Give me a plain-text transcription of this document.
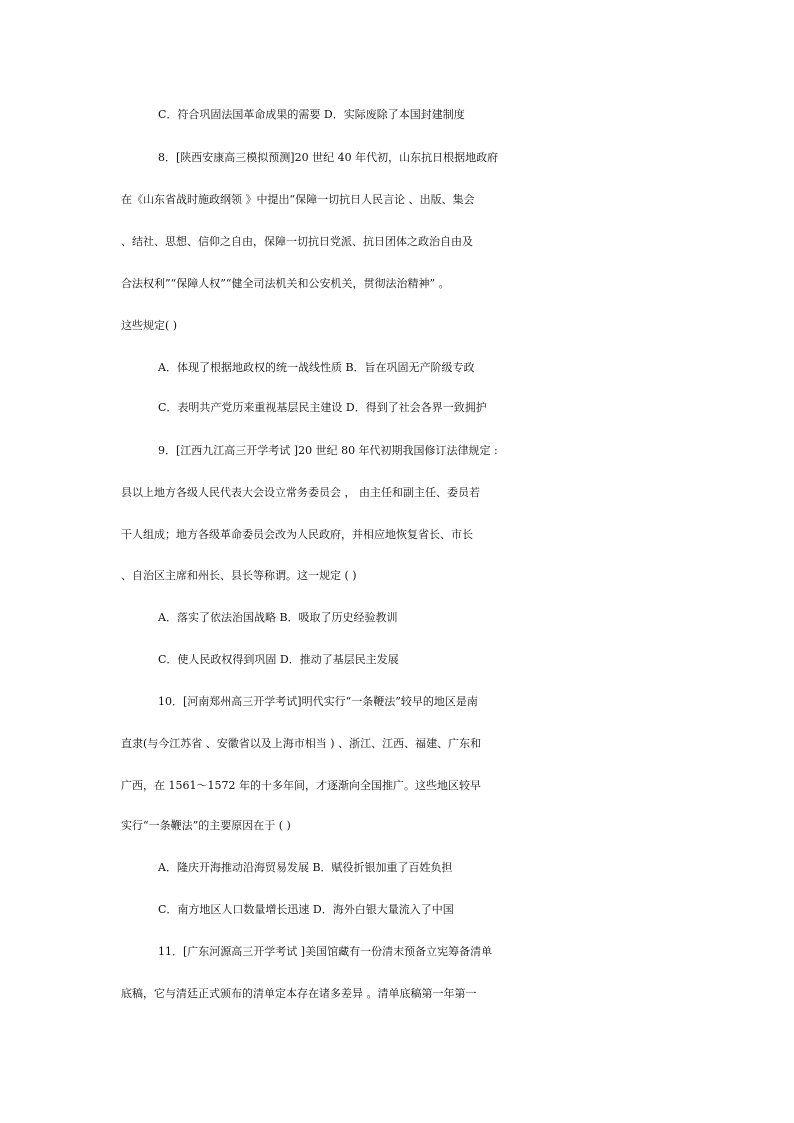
C．符合巩固法国革命成果的需要 D．实际废除了本国封建制度
8．[陕西安康高三模拟预测]20 世纪 40 年代初，山东抗日根据地政府
在《山东省战时施政纲领 》中提出“保障一切抗日人民言论 、出版、集会
、结社、思想、信仰之自由，保障一切抗日党派、抗日团体之政治自由及
合法权利”“保障人权”“健全司法机关和公安机关，贯彻法治精神” 。
这些规定( )
A．体现了根据地政权的统一战线性质 B．旨在巩固无产阶级专政
C．表明共产党历来重视基层民主建设 D．得到了社会各界一致拥护
9．[江西九江高三开学考试 ]20 世纪 80 年代初期我国修订法律规定 :
县以上地方各级人民代表大会设立常务委员会 ， 由主任和副主任、委员若
干人组成；地方各级革命委员会改为人民政府，并相应地恢复省长、市长
、自治区主席和州长、县长等称谓。这一规定 ( )
A．落实了依法治国战略 B．吸取了历史经验教训
C．使人民政权得到巩固 D．推动了基层民主发展
10．[河南郑州高三开学考试]明代实行“一条鞭法”较早的地区是南
直隶(与今江苏省 、安徽省以及上海市相当 ) 、浙江、江西、福建、广东和
广西，在 1561～1572 年的十多年间，才逐渐向全国推广。这些地区较早
实行“一条鞭法”的主要原因在于 ( )
A．隆庆开海推动沿海贸易发展 B．赋役折银加重了百姓负担
C．南方地区人口数量增长迅速 D．海外白银大量流入了中国
11．[广东河源高三开学考试 ]美国馆藏有一份清末预备立宪筹备清单
底稿，它与清廷正式颁布的清单定本存在诸多差异 。清单底稿第一年第一
